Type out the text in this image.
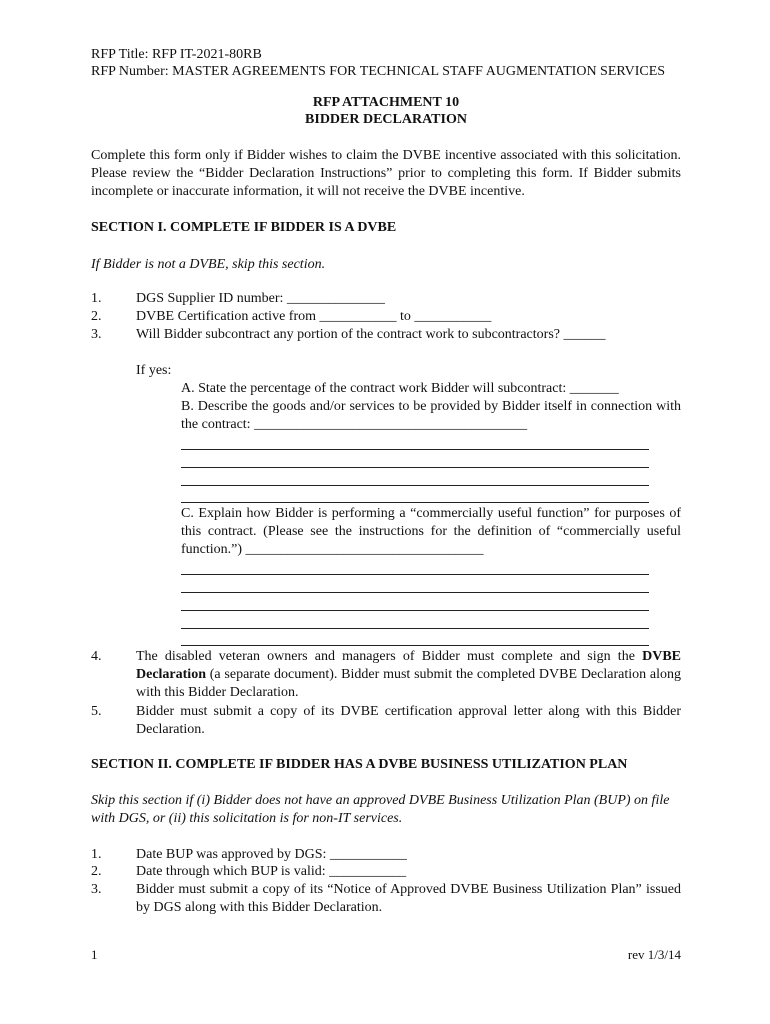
RFP Title: RFP IT-2021-80RB
RFP Number: MASTER AGREEMENTS FOR TECHNICAL STAFF AUGMENTATION SERVICES
RFP ATTACHMENT 10
BIDDER DECLARATION
Complete this form only if Bidder wishes to claim the DVBE incentive associated with this solicitation. Please review the “Bidder Declaration Instructions” prior to completing this form. If Bidder submits incomplete or inaccurate information, it will not receive the DVBE incentive.
SECTION I. COMPLETE IF BIDDER IS A DVBE
If Bidder is not a DVBE, skip this section.
1.	DGS Supplier ID number: ______________
2.	DVBE Certification active from ___________ to ___________
3.	Will Bidder subcontract any portion of the contract work to subcontractors? ______
If yes:
A. State the percentage of the contract work Bidder will subcontract: _______
B. Describe the goods and/or services to be provided by Bidder itself in connection with the contract: _______________________________________
C. Explain how Bidder is performing a “commercially useful function” for purposes of this contract. (Please see the instructions for the definition of “commercially useful function.”) __________________________________
4.	The disabled veteran owners and managers of Bidder must complete and sign the DVBE Declaration (a separate document). Bidder must submit the completed DVBE Declaration along with this Bidder Declaration.
5.	Bidder must submit a copy of its DVBE certification approval letter along with this Bidder Declaration.
SECTION II. COMPLETE IF BIDDER HAS A DVBE BUSINESS UTILIZATION PLAN
Skip this section if (i) Bidder does not have an approved DVBE Business Utilization Plan (BUP) on file with DGS, or (ii) this solicitation is for non-IT services.
1.	Date BUP was approved by DGS: ___________
2.	Date through which BUP is valid: ___________
3.	Bidder must submit a copy of its “Notice of Approved DVBE Business Utilization Plan” issued by DGS along with this Bidder Declaration.
1	rev 1/3/14
